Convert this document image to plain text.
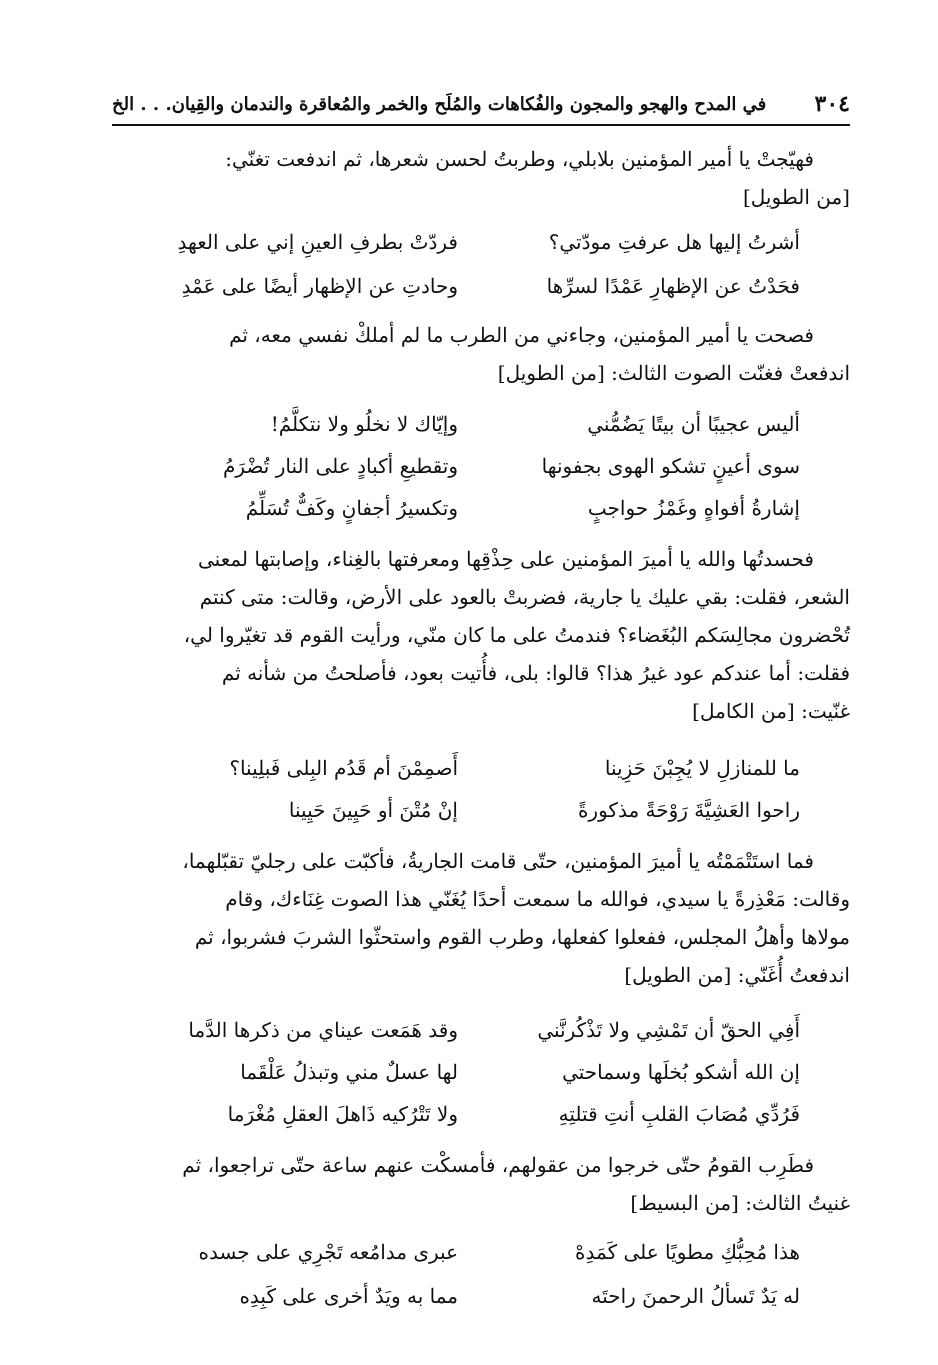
٣٠٤
في المدح والهجو والمجون والفُكاهات والمُلَح والخمر والمُعاقرة والندمان والقِيان. . . الخ
فهيّجتْ يا أمير المؤمنين بلابلي، وطربتُ لحسن شعرها، ثم اندفعت تغنّي:
[من الطويل]
أشرتُ إليها هل عرفتِ مودّتي؟
فردّتْ بطرفِ العينِ إني على العهدِ
فحَدْتُ عن الإظهارِ عَمْدًا لسرِّها
وحادتِ عن الإظهار أيضًا على عَمْدِ
فصحت يا أمير المؤمنين، وجاءني من الطرب ما لم أملكْ نفسي معه، ثم
اندفعتْ فغنّت الصوت الثالث: [من الطويل]
أليس عجيبًا أن بيتًا يَضُمُّني
وإيّاك لا نخلُو ولا نتكلَّمُ!
سوى أعينٍ تشكو الهوى بجفونها
وتقطيعِ أكبادٍ على النار تُضْرَمُ
إشارةُ أفواهٍ وغَمْزُ حواجبٍ
وتكسيرُ أجفانٍ وكَفٌّ تُسَلِّمُ
فحسدتُها والله يا أميرَ المؤمنين على حِذْقِها ومعرفتها بالغِناء، وإصابتها لمعنى
الشعر، فقلت: بقي عليك يا جارية، فضربتْ بالعود على الأرض، وقالت: متى كنتم
تُحْضرون مجالِسَكم البُغَضاء؟ فندمتُ على ما كان منّي، ورأيت القوم قد تغيّروا لي،
فقلت: أما عندكم عود غيرُ هذا؟ قالوا: بلى، فأُتيت بعود، فأصلحتُ من شأنه ثم
غنّيت: [من الكامل]
ما للمنازلِ لا يُجِبْنَ حَزِينا
أَصمِمْنَ أم قَدُم البِلى فَبلِينا؟
راحوا العَشِيَّةَ رَوْحَةً مذكورةً
إنْ مُتْنَ أو حَيِينَ حَيِينا
فما استَتْمَمْتُه يا أميرَ المؤمنين، حتّى قامت الجاريةُ، فأكبّت على رجليّ تقبّلهما،
وقالت: مَعْذِرةً يا سيدي، فوالله ما سمعت أحدًا يُغَنّي هذا الصوت غِنَاءك، وقام
مولاها وأهلُ المجلس، ففعلوا كفعلها، وطرب القوم واستحثّوا الشربَ فشربوا، ثم
اندفعتُ أُغَنّي: [من الطويل]
أَفِي الحقّ أن تَمْشِي ولا تَذْكُرنَّني
وقد هَمَعت عيناي من ذكرها الدَّما
إن الله أشكو بُخلَها وسماحتي
لها عسلٌ مني وتبذلُ عَلْقَما
فَرُدِّي مُصَابَ القلبِ أنتِ قتلتِهِ
ولا تَتْرُكيه ذَاهلَ العقلِ مُغْرَما
فطَرِب القومُ حتّى خرجوا من عقولهم، فأمسكْت عنهم ساعة حتّى تراجعوا، ثم
غنيتُ الثالث: [من البسيط]
هذا مُحِبُّكِ مطويًا على كَمَدِهْ
عبرى مدامُعه تَجْرِي على جسده
له يَدٌ تَسألُ الرحمنَ راحتَه
مما به ويَدٌ أخرى على كَبِدِه
